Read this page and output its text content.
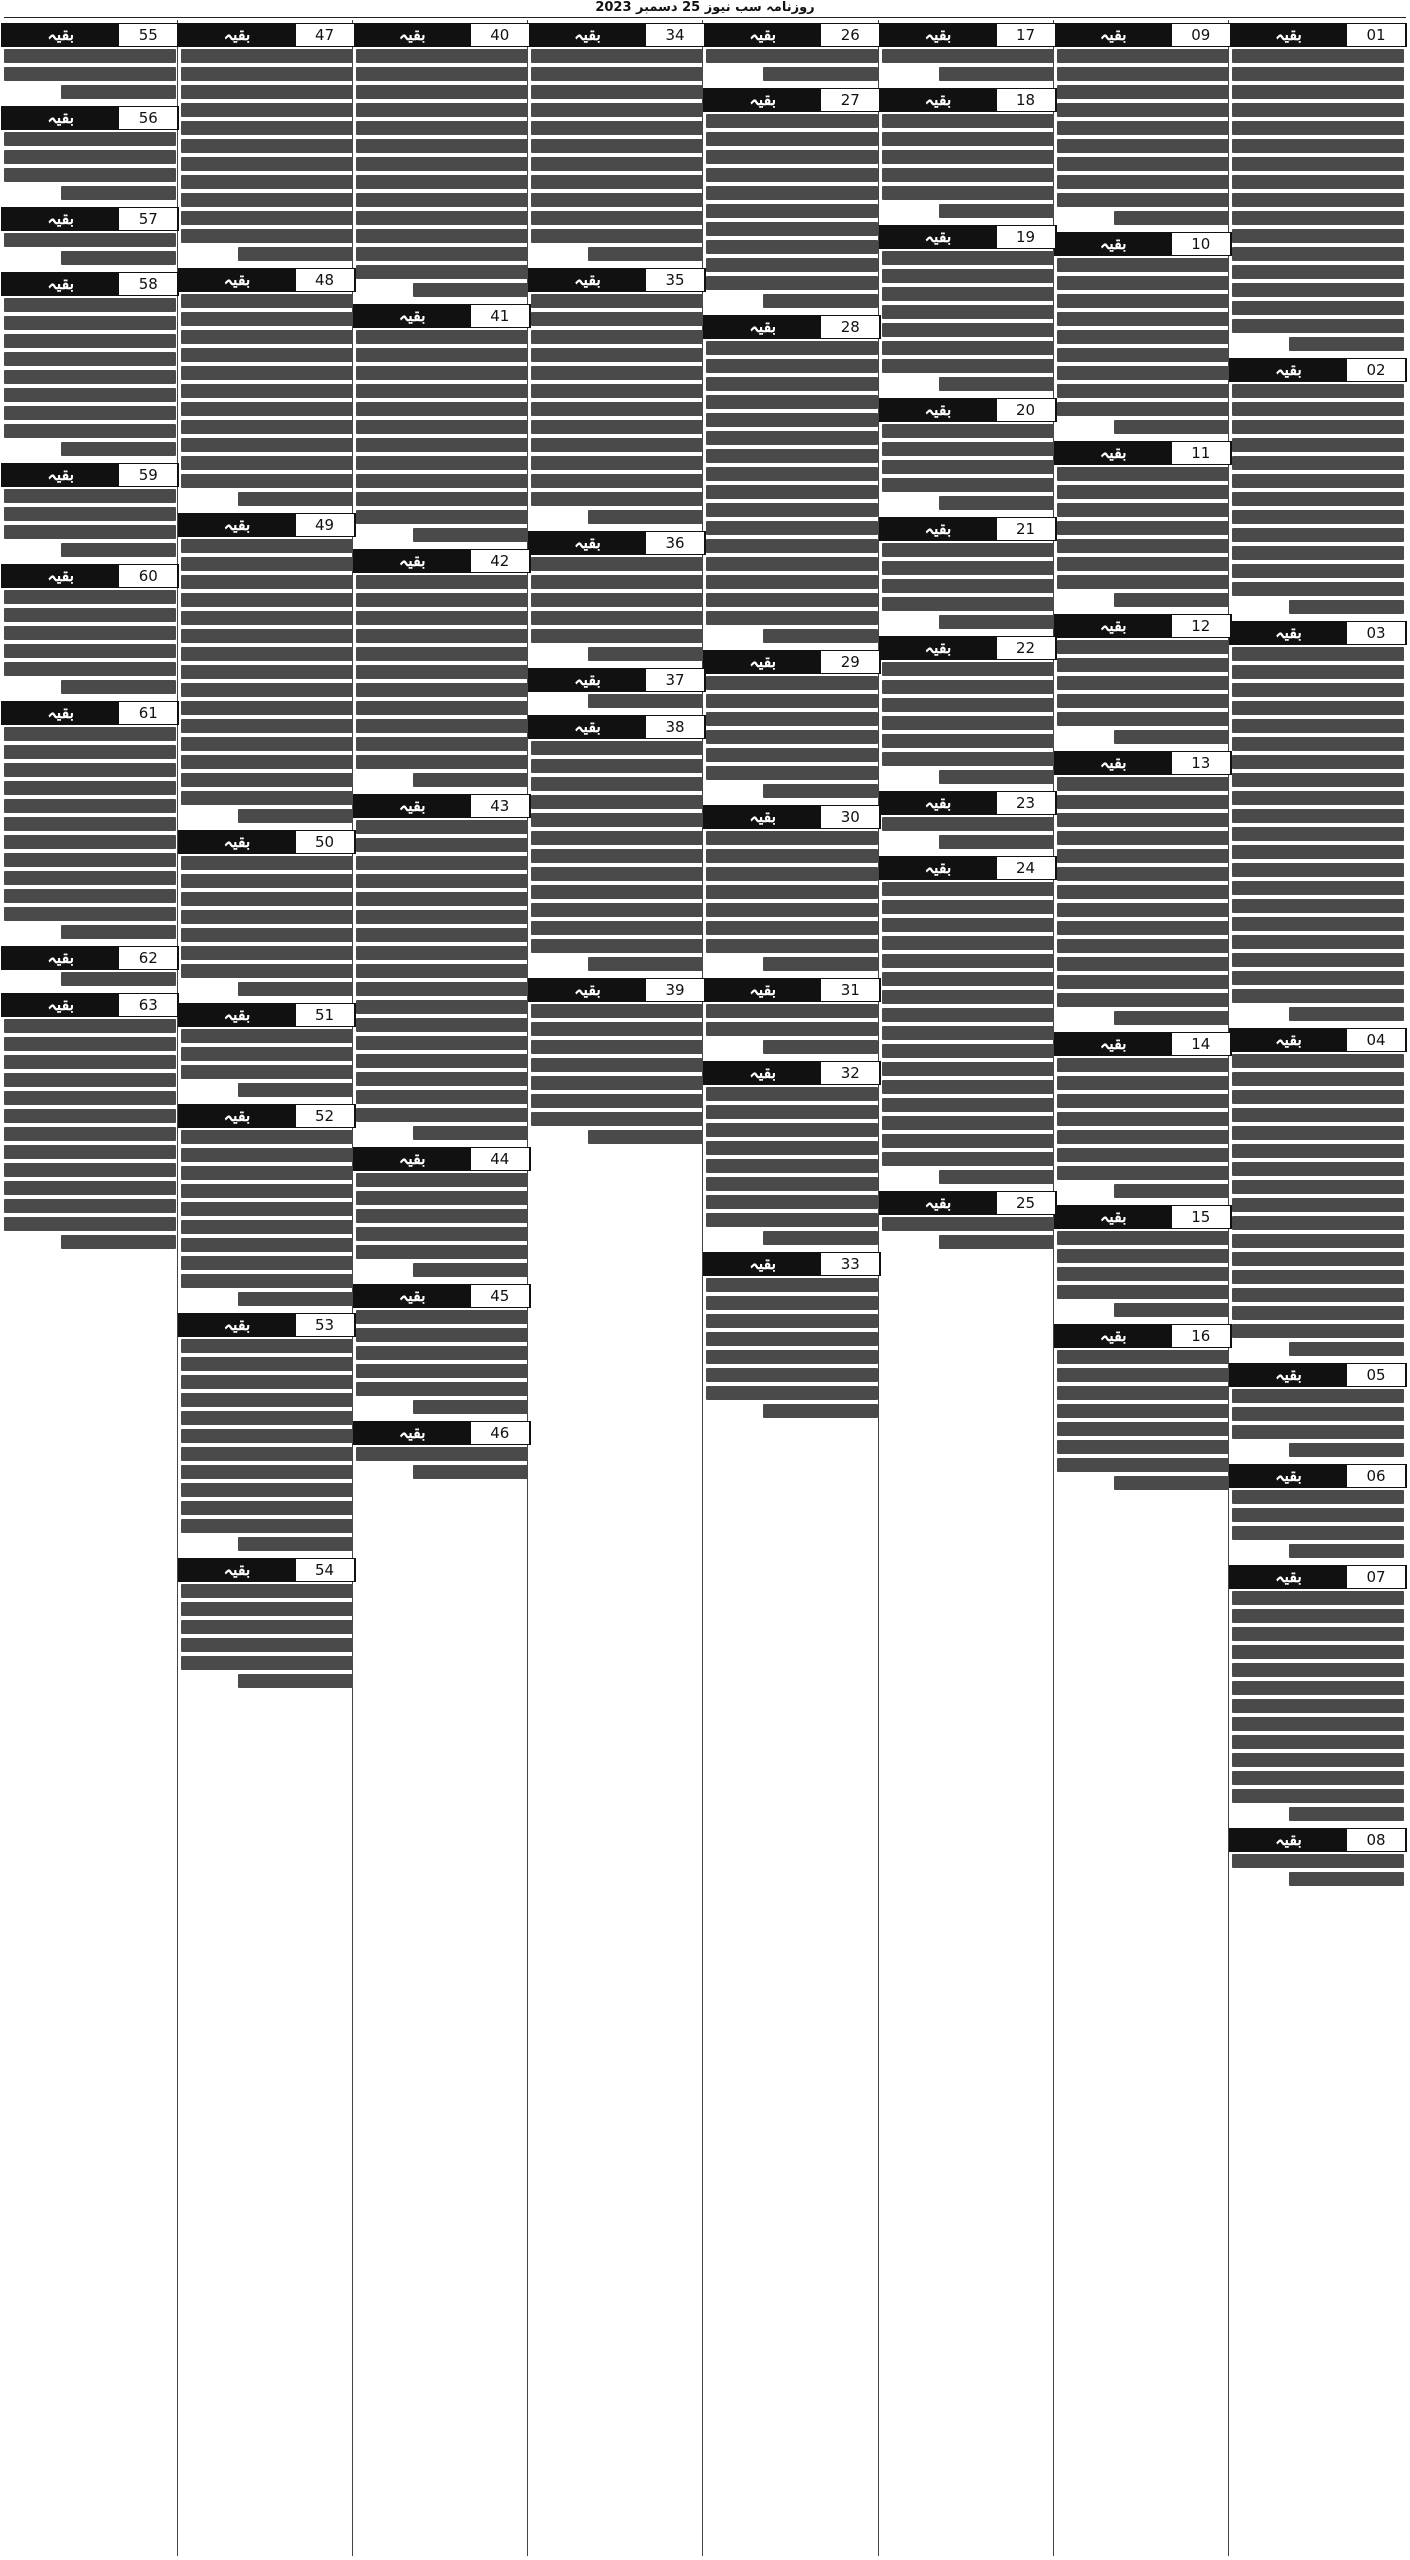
روزنامہ سب نیوز 25 دسمبر 2023
بقیہ	01
بقیہ	02
بقیہ	03
بقیہ	04
بقیہ	05
بقیہ	06
بقیہ	07
بقیہ	08
بقیہ	09
بقیہ	10
بقیہ	11
بقیہ	12
بقیہ	13
بقیہ	14
بقیہ	15
بقیہ	16
بقیہ	17
بقیہ	18
بقیہ	19
بقیہ	20
بقیہ	21
بقیہ	22
بقیہ	23
بقیہ	24
بقیہ	25
بقیہ	26
بقیہ	27
بقیہ	28
بقیہ	29
بقیہ	30
بقیہ	31
بقیہ	32
بقیہ	33
بقیہ	34
بقیہ	35
بقیہ	36
بقیہ	37
بقیہ	38
بقیہ	39
بقیہ	40
بقیہ	41
بقیہ	42
بقیہ	43
بقیہ	44
بقیہ	45
بقیہ	46
بقیہ	47
بقیہ	48
بقیہ	49
بقیہ	50
بقیہ	51
بقیہ	52
بقیہ	53
بقیہ	54
بقیہ	55
بقیہ	56
بقیہ	57
بقیہ	58
بقیہ	59
بقیہ	60
بقیہ	61
بقیہ	62
بقیہ	63
